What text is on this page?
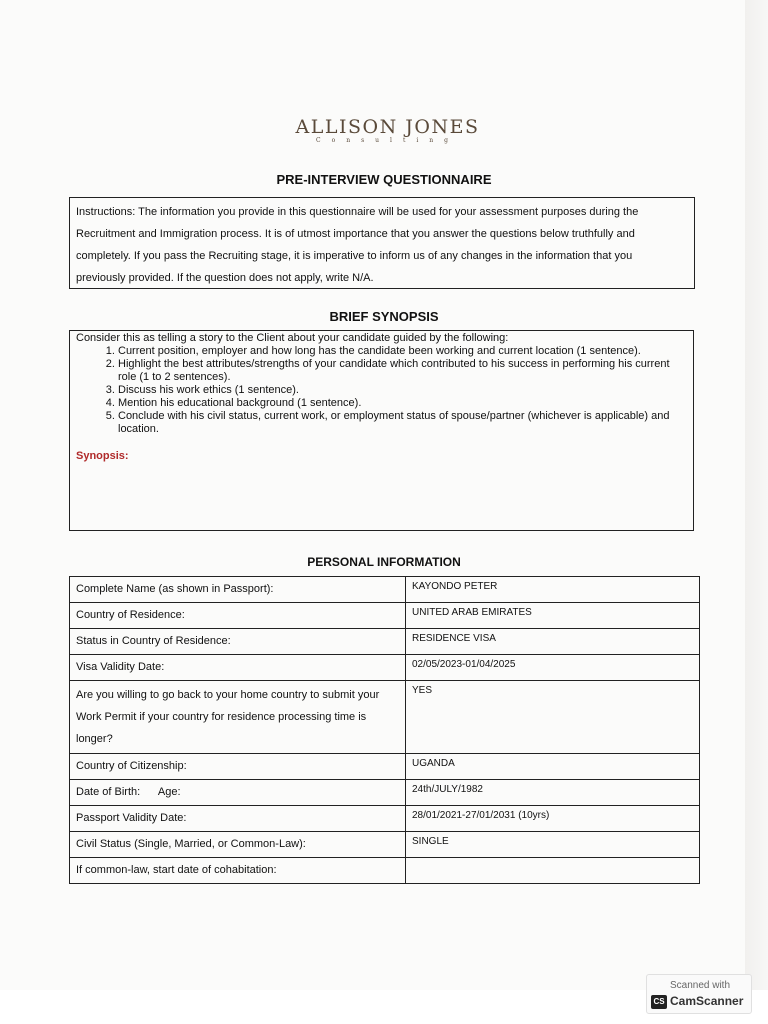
ALLISON JONES
Consulting
PRE-INTERVIEW QUESTIONNAIRE
Instructions: The information you provide in this questionnaire will be used for your assessment purposes during the
Recruitment and Immigration process. It is of utmost importance that you answer the questions below truthfully and
completely. If you pass the Recruiting stage, it is imperative to inform us of any changes in the information that you
previously provided. If the question does not apply, write N/A.
BRIEF SYNOPSIS
Consider this as telling a story to the Client about your candidate guided by the following:
1. Current position, employer and how long has the candidate been working and current location (1 sentence).
2. Highlight the best attributes/strengths of your candidate which contributed to his success in performing his current role (1 to 2 sentences).
3. Discuss his work ethics (1 sentence).
4. Mention his educational background (1 sentence).
5. Conclude with his civil status, current work, or employment status of spouse/partner (whichever is applicable) and location.
Synopsis:
PERSONAL INFORMATION
Complete Name (as shown in Passport):	KAYONDO PETER
Country of Residence:	UNITED ARAB EMIRATES
Status in Country of Residence:	RESIDENCE VISA
Visa Validity Date:	02/05/2023-01/04/2025
Are you willing to go back to your home country to submit your Work Permit if your country for residence processing time is longer?	YES
Country of Citizenship:	UGANDA
Date of Birth:      Age:	24th/JULY/1982
Passport Validity Date:	28/01/2021-27/01/2031 (10yrs)
Civil Status (Single, Married, or Common-Law):	SINGLE
If common-law, start date of cohabitation:	
Scanned with
CS CamScanner
